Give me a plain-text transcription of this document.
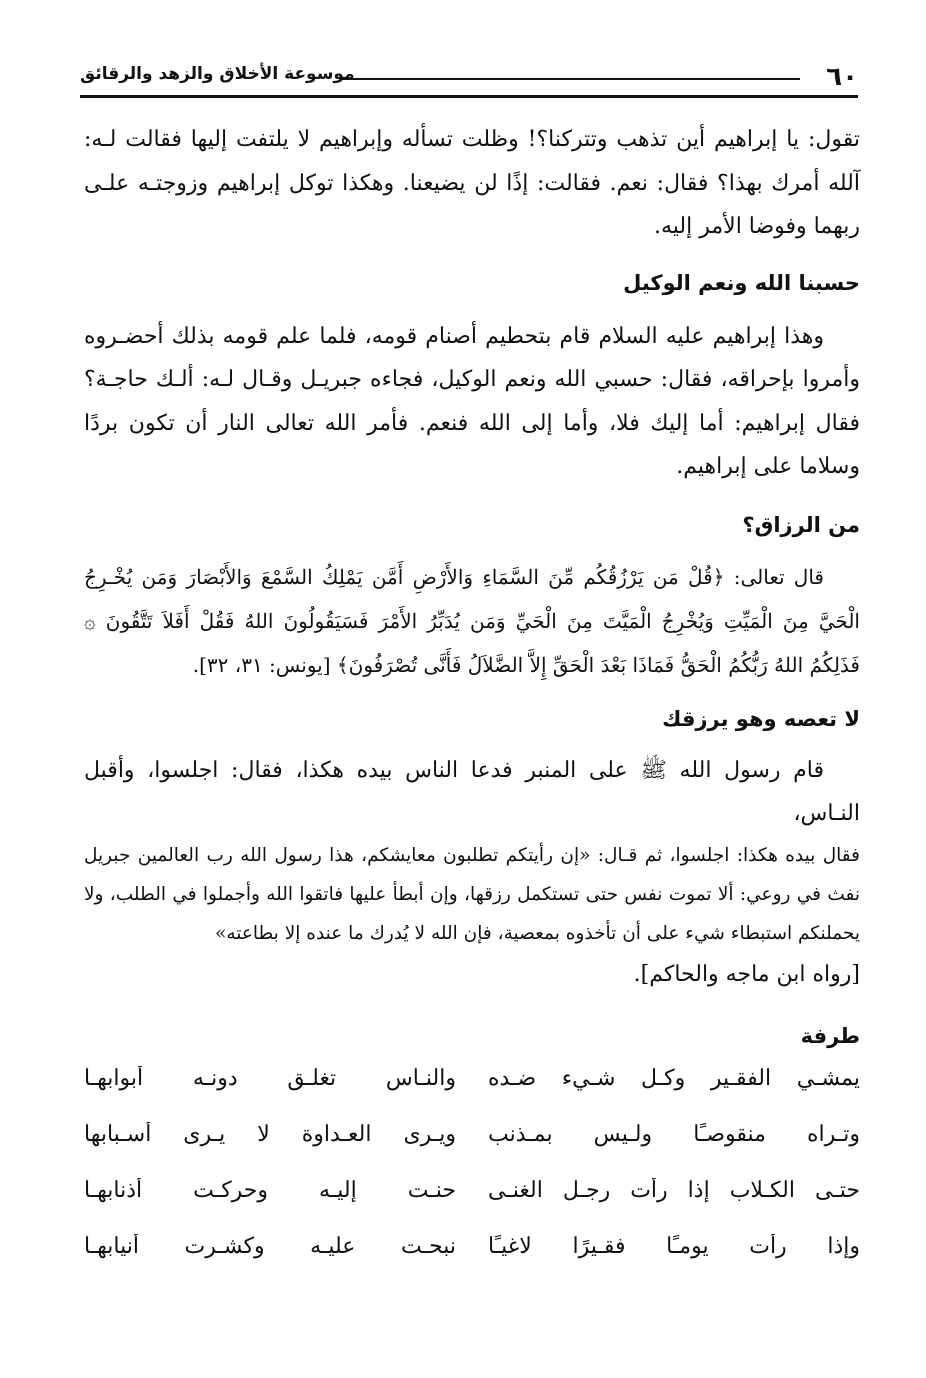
٦٠
موسوعة الأخلاق والزهد والرقائق

تقول: يا إبراهيم أين تذهب وتتركنا؟! وظلت تسأله وإبراهيم لا يلتفت إليها فقالت لـه: آلله أمرك بهذا؟ فقال: نعم. فقالت: إذًا لن يضيعنا. وهكذا توكل إبراهيم وزوجتـه علـى ربهما وفوضا الأمر إليه.

حسبنا الله ونعم الوكيل

وهذا إبراهيم عليه السلام قام بتحطيم أصنام قومه، فلما علم قومه بذلك أحضـروه وأمروا بإحراقه، فقال: حسبي الله ونعم الوكيل، فجاءه جبريـل وقـال لـه: ألـك حاجـة؟ فقال إبراهيم: أما إليك فلا، وأما إلى الله فنعم. فأمر الله تعالى النار أن تكون بردًا وسلاما على إبراهيم.

من الرزاق؟

قال تعالى: ﴿قُلْ مَن يَرْزُقُكُم مِّنَ السَّمَاءِ وَالأَرْضِ أَمَّن يَمْلِكُ السَّمْعَ وَالأَبْصَارَ وَمَن يُخْـرِجُ الْحَيَّ مِنَ الْمَيِّتِ وَيُخْرِجُ الْمَيَّتَ مِنَ الْحَيِّ وَمَن يُدَبِّرُ الأَمْرَ فَسَيَقُولُونَ اللهُ فَقُلْ أَفَلاَ تَتَّقُونَ ۞ فَذَلِكُمُ اللهُ رَبُّكُمُ الْحَقُّ فَمَاذَا بَعْدَ الْحَقِّ إِلاَّ الضَّلاَلُ فَأَنَّى تُصْرَفُونَ﴾ [يونس: ٣١، ٣٢].

لا تعصه وهو يرزقك

قام رسول الله ﷺ على المنبر فدعا الناس بيده هكذا، فقال: اجلسوا، وأقبل النـاس،

فقال بيده هكذا: اجلسوا، ثم قـال: «إن رأيتكم تطلبون معايشكم، هذا رسول الله رب العالمين جبريل نفث في روعي: ألا تموت نفس حتى تستكمل رزقها، وإن أبطأ عليها فاتقوا الله وأجملوا في الطلب، ولا يحملنكم استبطاء شيء على أن تأخذوه بمعصية، فإن الله لا يُدرك ما عنده إلا بطاعته»

[رواه ابن ماجه والحاكم].

طرفة
يمشـي الفقـير وكـل شـيء ضـده
والنـاس تغلـق دونـه أبوابهـا
وتـراه منقوصـًا ولـيس بمـذنب
ويـرى العـداوة لا يـرى أسـبابها
حتـى الكـلاب إذا رأت رجـل الغنـى
حنـت إليـه وحركـت أذنابهـا
وإذا رأت يومـًا فقـيرًا لاغيـًا
نبحـت عليـه وكشـرت أنيابهـا
